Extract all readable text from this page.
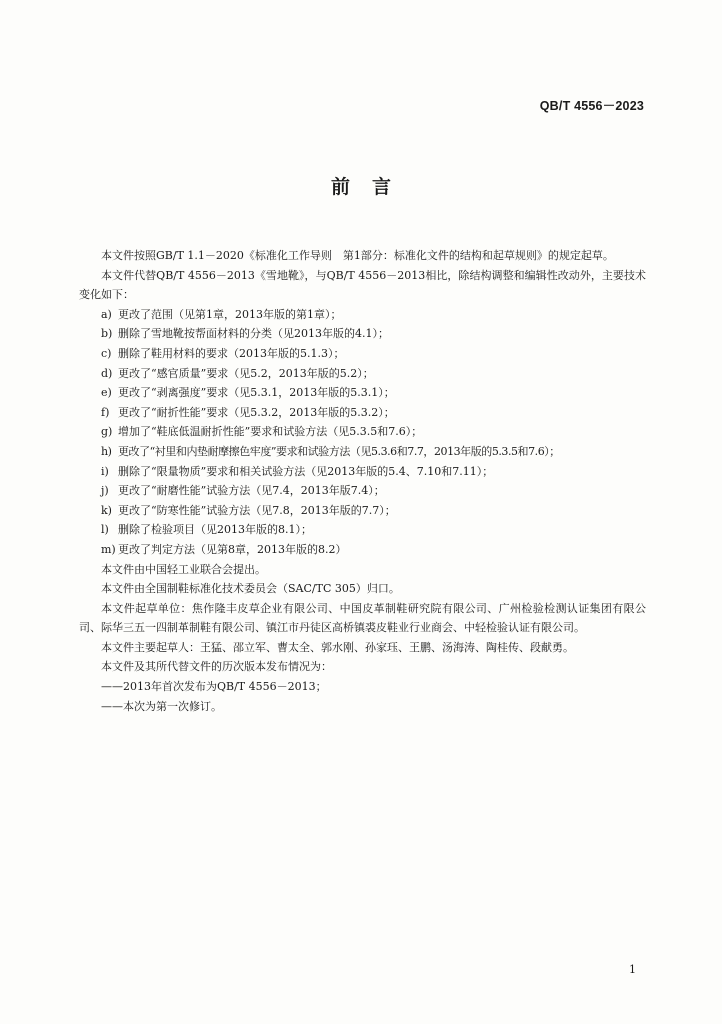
QB/T 4556－2023
前言

本文件按照GB/T 1.1－2020《标准化工作导则　第1部分：标准化文件的结构和起草规则》的规定起草。

本文件代替QB/T 4556－2013《雪地靴》，与QB/T 4556－2013相比，除结构调整和编辑性改动外，主要技术变化如下：

a) 更改了范围（见第1章，2013年版的第1章）；

b) 删除了雪地靴按帮面材料的分类（见2013年版的4.1）；

c) 删除了鞋用材料的要求（2013年版的5.1.3）；

d) 更改了“感官质量”要求（见5.2，2013年版的5.2）；

e) 更改了“剥离强度”要求（见5.3.1，2013年版的5.3.1）；

f) 更改了“耐折性能”要求（见5.3.2，2013年版的5.3.2）；

g) 增加了“鞋底低温耐折性能”要求和试验方法（见5.3.5和7.6）；

h) 更改了“衬里和内垫耐摩擦色牢度”要求和试验方法（见5.3.6和7.7，2013年版的5.3.5和7.6）；

i) 删除了“限量物质”要求和相关试验方法（见2013年版的5.4、7.10和7.11）；

j) 更改了“耐磨性能”试验方法（见7.4，2013年版7.4）；

k) 更改了“防寒性能”试验方法（见7.8，2013年版的7.7）；

l) 删除了检验项目（见2013年版的8.1）；

m) 更改了判定方法（见第8章，2013年版的8.2）

本文件由中国轻工业联合会提出。

本文件由全国制鞋标准化技术委员会（SAC/TC 305）归口。

本文件起草单位：焦作隆丰皮草企业有限公司、中国皮革制鞋研究院有限公司、广州检验检测认证集团有限公司、际华三五一四制革制鞋有限公司、镇江市丹徒区高桥镇裘皮鞋业行业商会、中轻检验认证有限公司。

本文件主要起草人：王猛、邵立军、曹太全、郭水刚、孙家珏、王鹏、汤海涛、陶桂传、段献勇。

本文件及其所代替文件的历次版本发布情况为：

——2013年首次发布为QB/T 4556－2013；

——本次为第一次修订。

1
